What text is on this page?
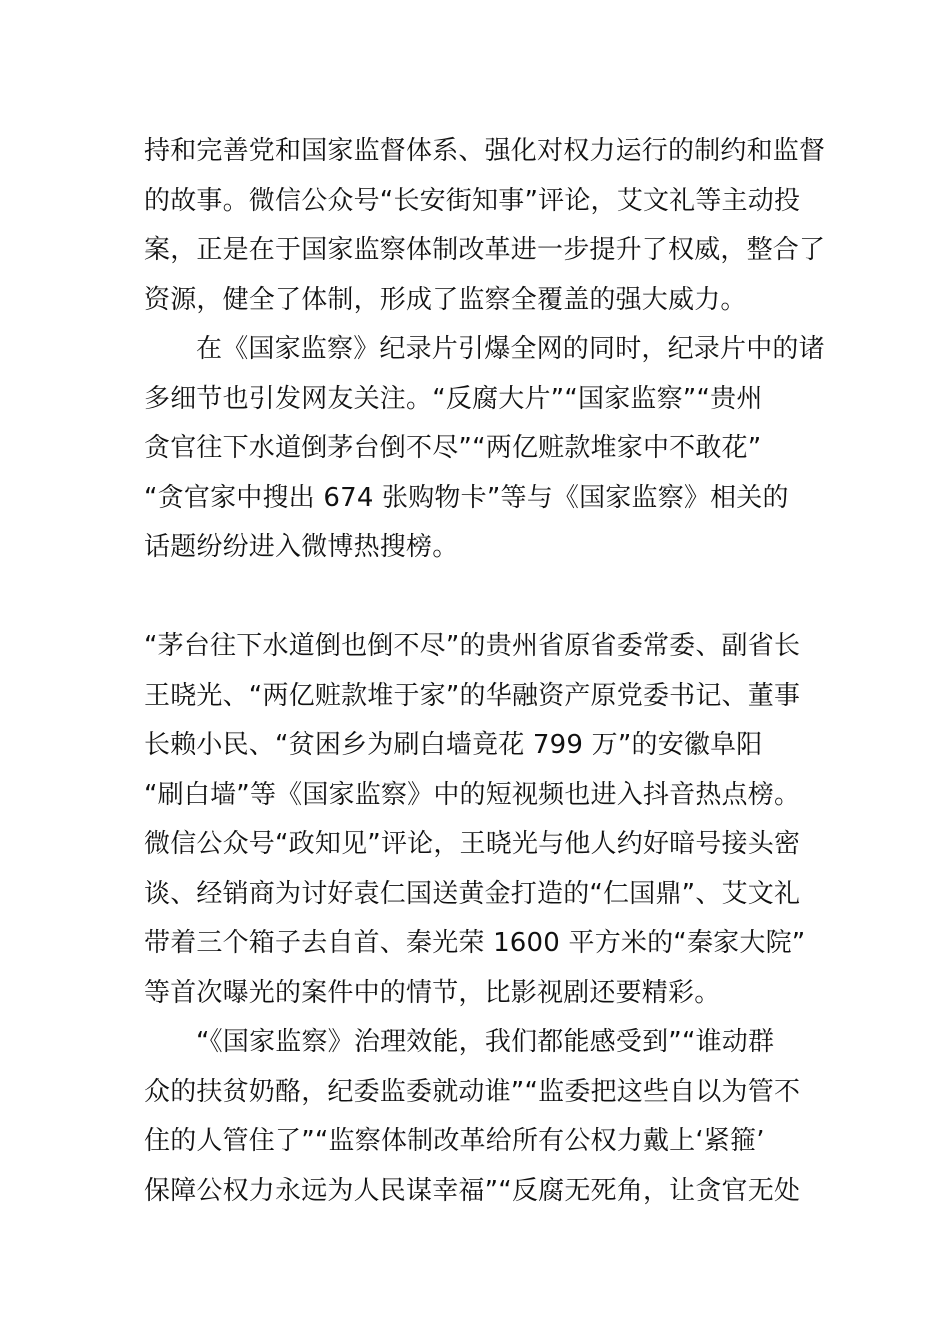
持和完善党和国家监督体系、强化对权力运行的制约和监督
的故事。微信公众号“长安街知事”评论，艾文礼等主动投
案，正是在于国家监察体制改革进一步提升了权威，整合了
资源，健全了体制，形成了监察全覆盖的强大威力。
在《国家监察》纪录片引爆全网的同时，纪录片中的诸
多细节也引发网友关注。“反腐大片”“国家监察”“贵州
贪官往下水道倒茅台倒不尽”“两亿赃款堆家中不敢花”
“贪官家中搜出 674 张购物卡”等与《国家监察》相关的
话题纷纷进入微博热搜榜。
“茅台往下水道倒也倒不尽”的贵州省原省委常委、副省长
王晓光、“两亿赃款堆于家”的华融资产原党委书记、董事
长赖小民、“贫困乡为刷白墙竟花 799 万”的安徽阜阳
“刷白墙”等《国家监察》中的短视频也进入抖音热点榜。
微信公众号“政知见”评论，王晓光与他人约好暗号接头密
谈、经销商为讨好袁仁国送黄金打造的“仁国鼎”、艾文礼
带着三个箱子去自首、秦光荣 1600 平方米的“秦家大院”
等首次曝光的案件中的情节，比影视剧还要精彩。
“《国家监察》治理效能，我们都能感受到”“谁动群
众的扶贫奶酪，纪委监委就动谁”“监委把这些自以为管不
住的人管住了”“监察体制改革给所有公权力戴上‘紧箍’
保障公权力永远为人民谋幸福”“反腐无死角，让贪官无处
